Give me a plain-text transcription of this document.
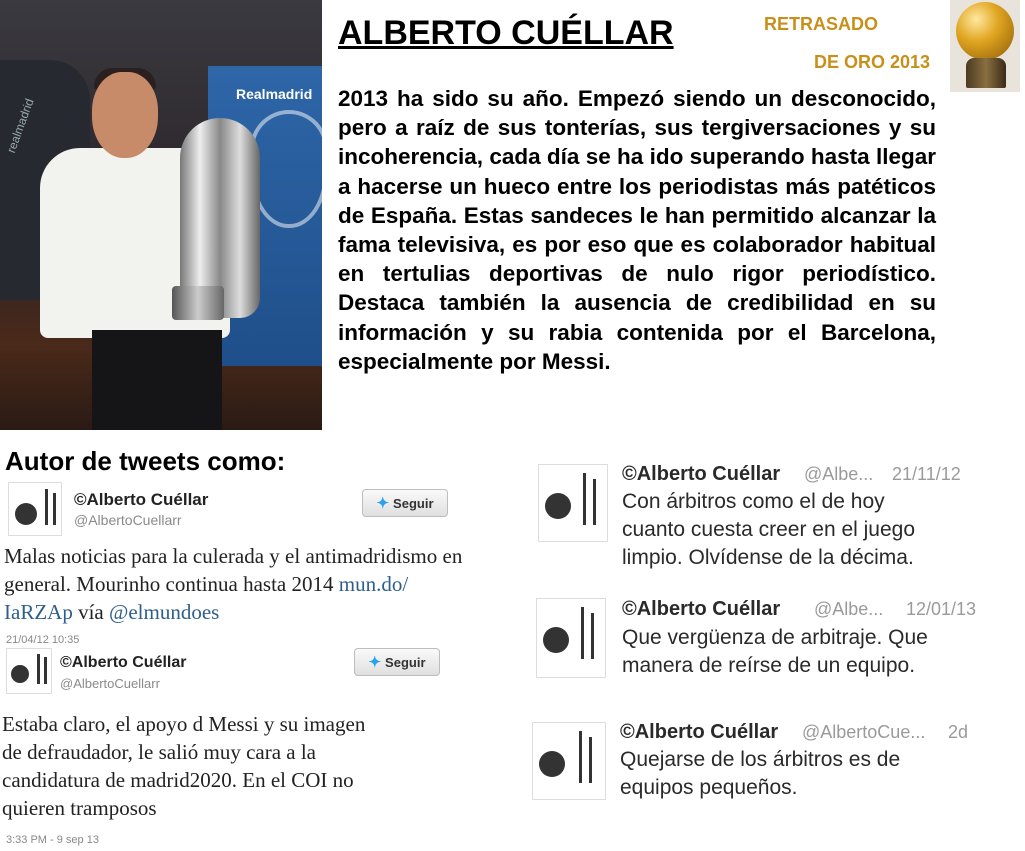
realmadrid
Realmadrid
ALBERTO CUÉLLAR	RETRASADO
DE ORO 2013
2013 ha sido su año. Empezó siendo un desconocido, pero a raíz de sus tonterías, sus tergiversaciones y su incoherencia, cada día se ha ido superando hasta llegar a hacerse un hueco entre los periodistas más patéticos de España. Estas sandeces le han permitido alcanzar la fama televisiva, es por eso que es colaborador habitual en tertulias deportivas de nulo rigor periodístico. Destaca también la ausencia de credibilidad en su información y su rabia contenida por el Barcelona, especialmente por Messi.
Autor de tweets como:
©Alberto Cuéllar
@AlbertoCuellarr
✦ Seguir
Malas noticias para la culerada y el antimadridismo en
general. Mourinho continua hasta 2014 mun.do/
IaRZAp vía @elmundoes
21/04/12 10:35
©Alberto Cuéllar
@AlbertoCuellarr
✦ Seguir
Estaba claro, el apoyo d Messi y su imagen
de defraudador, le salió muy cara a la
candidatura de madrid2020. En el COI no
quieren tramposos
3:33 PM - 9 sep 13
©Alberto Cuéllar @Albe... 21/11/12
Con árbitros como el de hoy
cuanto cuesta creer en el juego
limpio. Olvídense de la décima.
©Alberto Cuéllar @Albe... 12/01/13
Que vergüenza de arbitraje. Que
manera de reírse de un equipo.
©Alberto Cuéllar @AlbertoCue... 2d
Quejarse de los árbitros es de
equipos pequeños.
